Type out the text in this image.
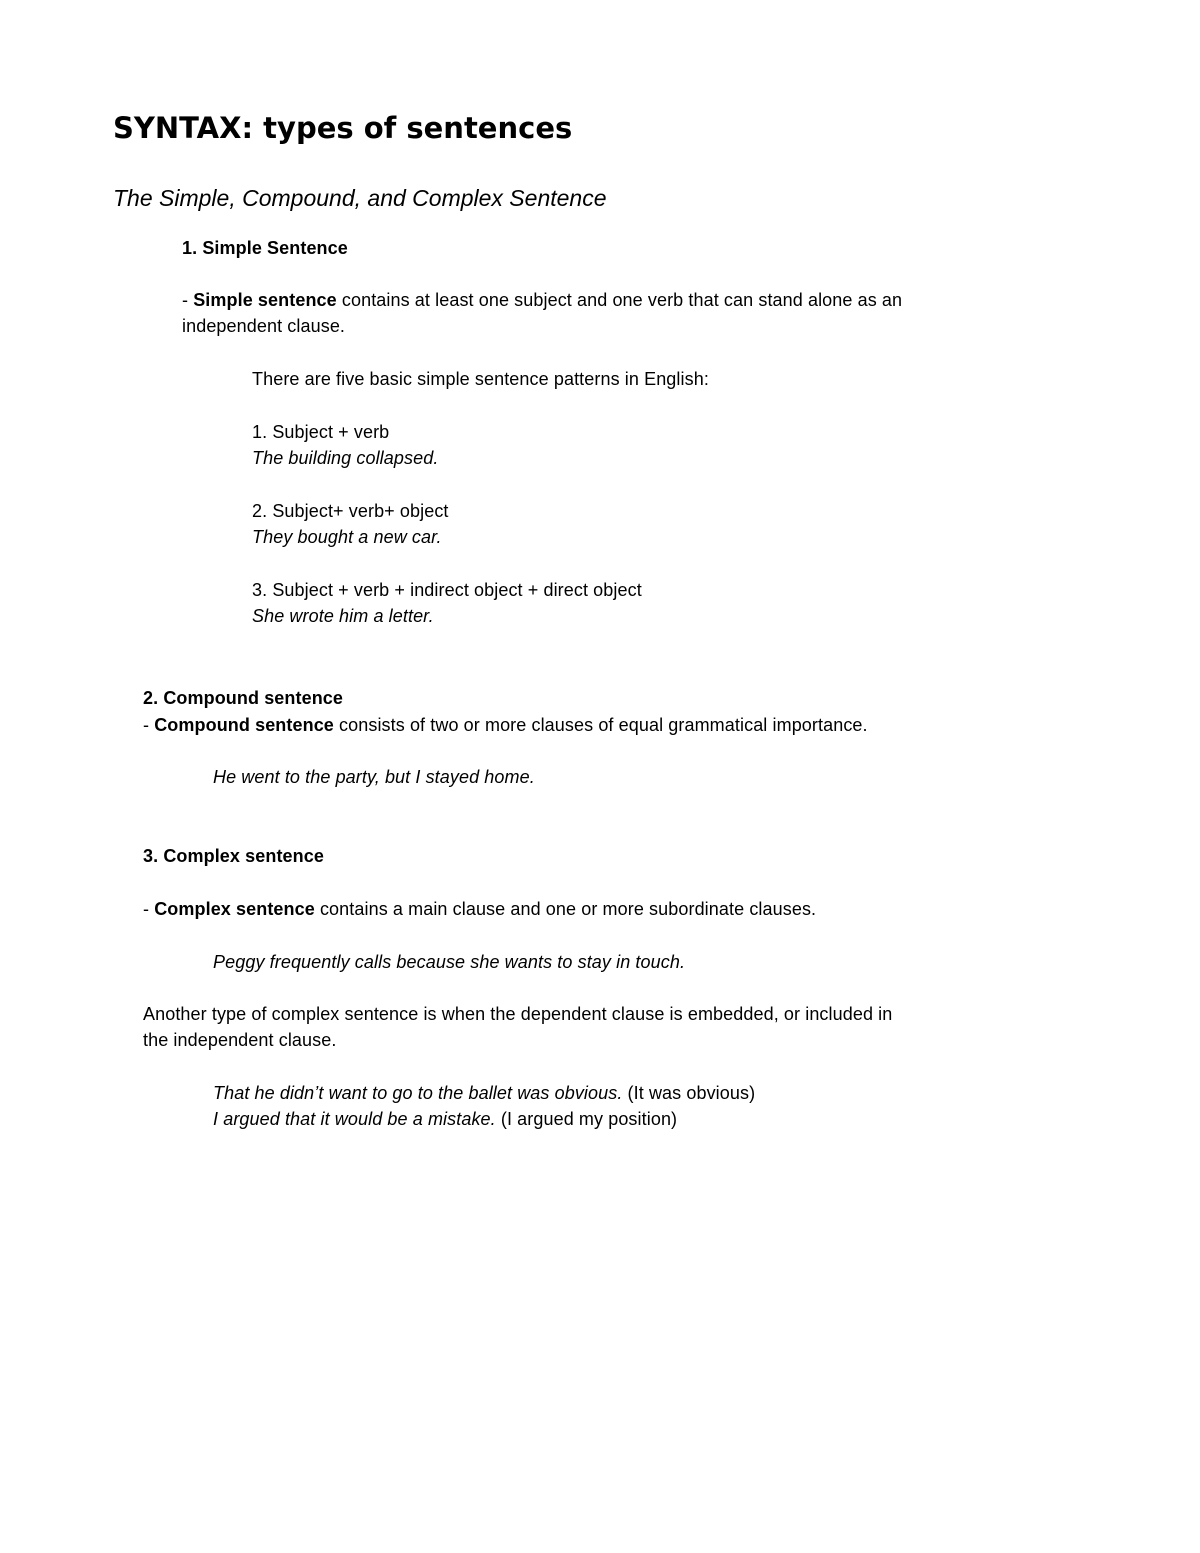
SYNTAX: types of sentences
The Simple, Compound, and Complex Sentence
1. Simple Sentence
- Simple sentence contains at least one subject and one verb that can stand alone as an
independent clause.
There are five basic simple sentence patterns in English:
1. Subject + verb
The building collapsed.
2. Subject+ verb+ object
They bought a new car.
3. Subject + verb + indirect object + direct object
She wrote him a letter.
2. Compound sentence
- Compound sentence consists of two or more clauses of equal grammatical importance.
He went to the party, but I stayed home.
3. Complex sentence
- Complex sentence contains a main clause and one or more subordinate clauses.
Peggy frequently calls because she wants to stay in touch.
Another type of complex sentence is when the dependent clause is embedded, or included in
the independent clause.
That he didn’t want to go to the ballet was obvious. (It was obvious)
I argued that it would be a mistake. (I argued my position)
